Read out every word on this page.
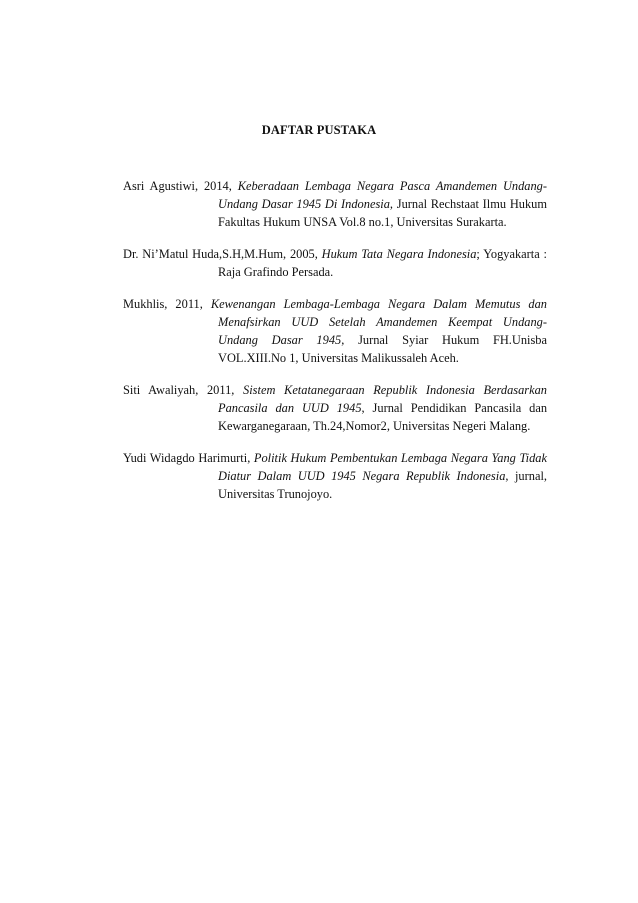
DAFTAR PUSTAKA

Asri Agustiwi, 2014, Keberadaan Lembaga Negara Pasca Amandemen Undang-Undang Dasar 1945 Di Indonesia, Jurnal Rechstaat Ilmu Hukum Fakultas Hukum UNSA Vol.8 no.1, Universitas Surakarta.

Dr. Ni’Matul Huda,S.H,M.Hum, 2005, Hukum Tata Negara Indonesia; Yogyakarta : Raja Grafindo Persada.

Mukhlis, 2011, Kewenangan Lembaga-Lembaga Negara Dalam Memutus dan Menafsirkan UUD Setelah Amandemen Keempat Undang-Undang Dasar 1945, Jurnal Syiar Hukum FH.Unisba VOL.XIII.No 1, Universitas Malikussaleh Aceh.

Siti Awaliyah, 2011, Sistem Ketatanegaraan Republik Indonesia Berdasarkan Pancasila dan UUD 1945, Jurnal Pendidikan Pancasila dan Kewarganegaraan, Th.24,Nomor2, Universitas Negeri Malang.

Yudi Widagdo Harimurti, Politik Hukum Pembentukan Lembaga Negara Yang Tidak Diatur Dalam UUD 1945 Negara Republik Indonesia, jurnal, Universitas Trunojoyo.
